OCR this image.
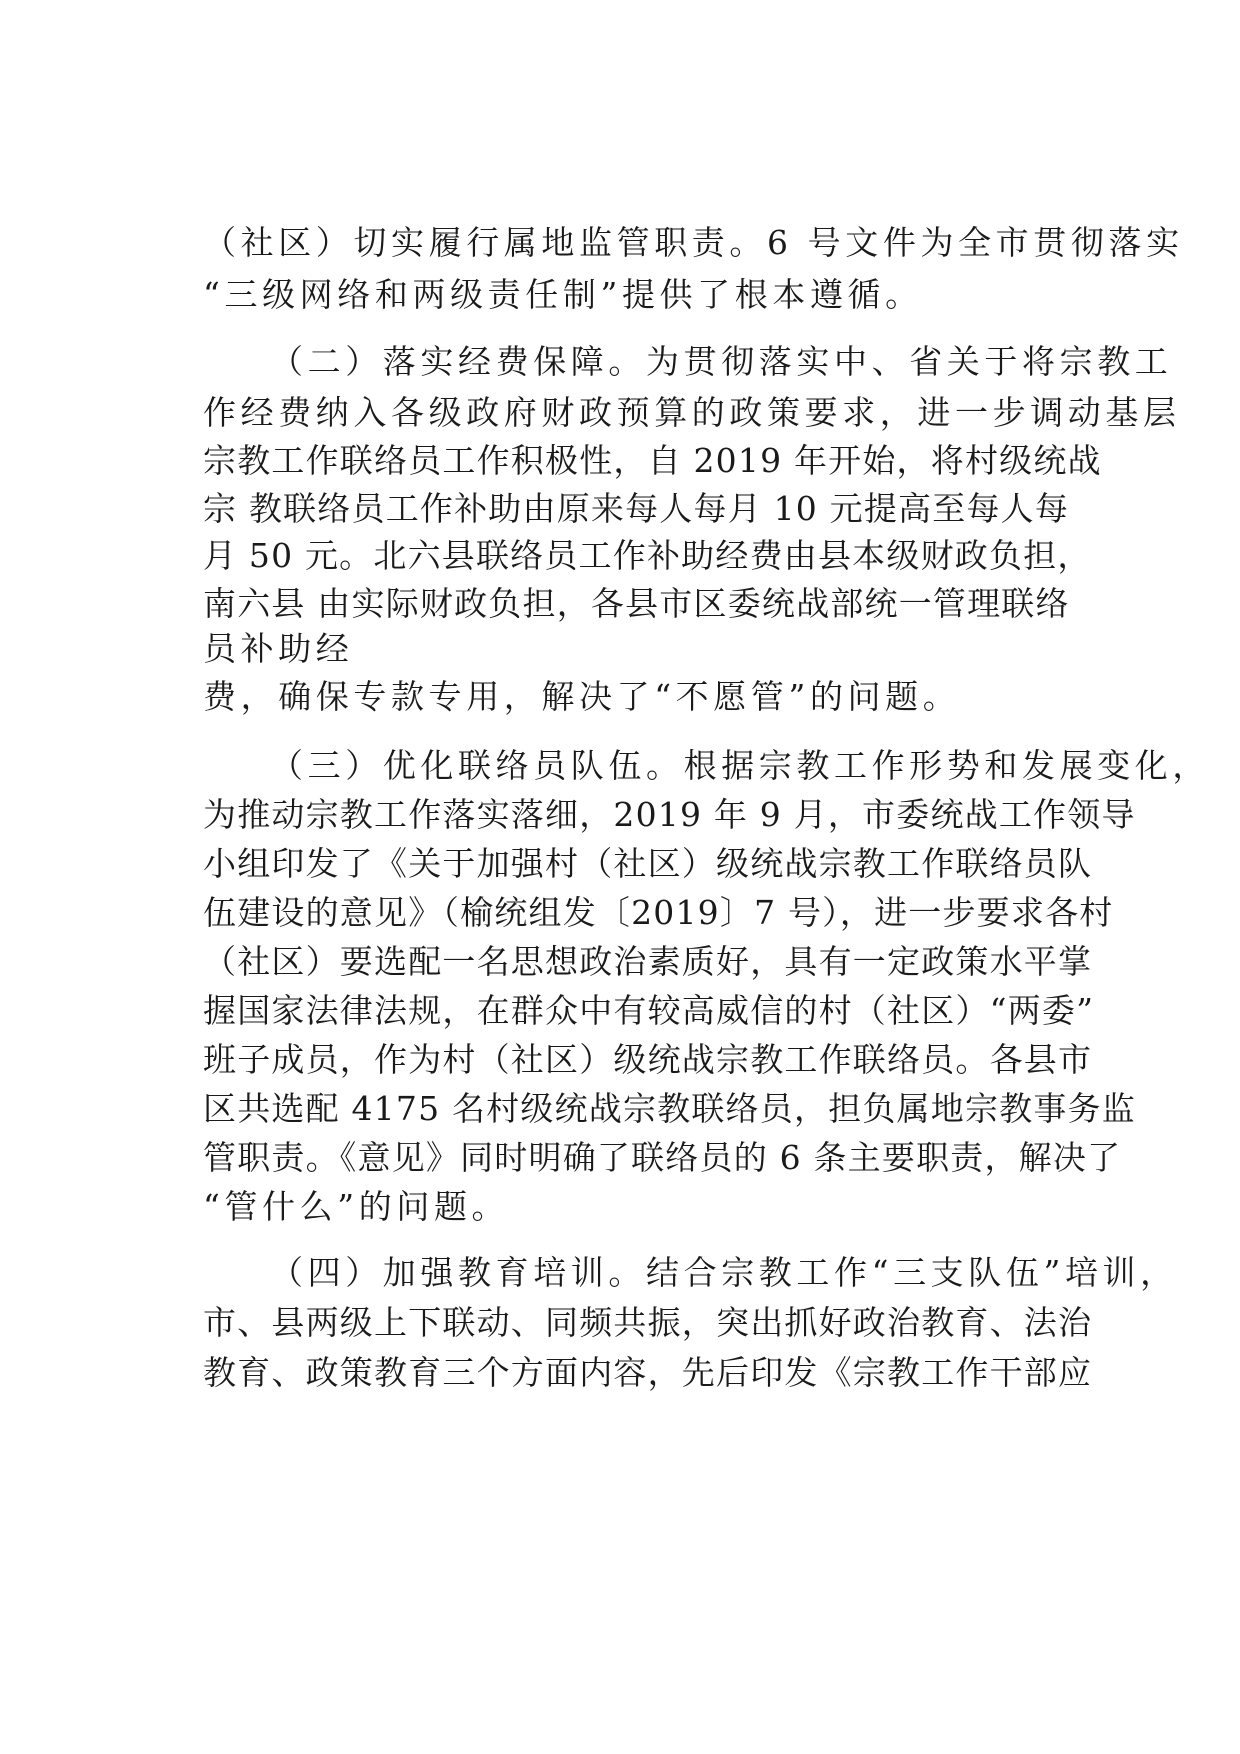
（社区）切实履行属地监管职责。6 号文件为全市贯彻落实
“三级网络和两级责任制”提供了根本遵循。
（二）落实经费保障。为贯彻落实中、省关于将宗教工
作经费纳入各级政府财政预算的政策要求，进一步调动基层
宗教工作联络员工作积极性，自 2019 年开始，将村级统战
宗 教联络员工作补助由原来每人每月 10 元提高至每人每
月 50 元。北六县联络员工作补助经费由县本级财政负担，
南六县 由实际财政负担，各县市区委统战部统一管理联络
员补助经
费，确保专款专用，解决了“不愿管”的问题。
（三）优化联络员队伍。根据宗教工作形势和发展变化，
为推动宗教工作落实落细，2019 年 9 月，市委统战工作领导
小组印发了《关于加强村（社区）级统战宗教工作联络员队
伍建设的意见》（榆统组发〔2019〕7 号），进一步要求各村
（社区）要选配一名思想政治素质好，具有一定政策水平掌
握国家法律法规，在群众中有较高威信的村（社区）“两委”
班子成员，作为村（社区）级统战宗教工作联络员。各县市
区共选配 4175 名村级统战宗教联络员，担负属地宗教事务监
管职责。《意见》同时明确了联络员的 6 条主要职责，解决了
“管什么”的问题。
（四）加强教育培训。结合宗教工作“三支队伍”培训，
市、县两级上下联动、同频共振，突出抓好政治教育、法治
教育、政策教育三个方面内容，先后印发《宗教工作干部应
